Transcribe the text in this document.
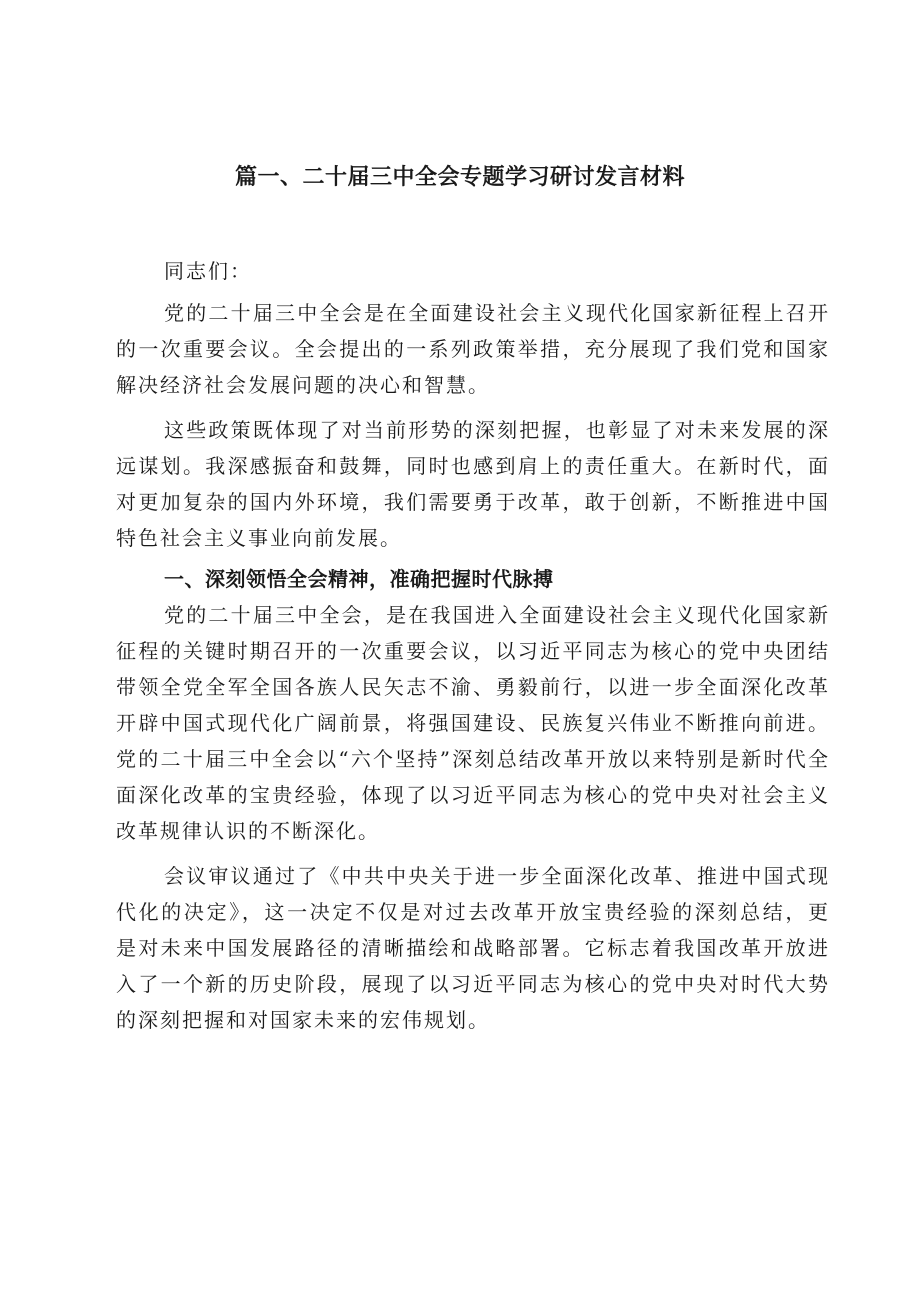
篇一、二十届三中全会专题学习研讨发言材料

同志们：

党的二十届三中全会是在全面建设社会主义现代化国家新征程上召开的一次重要会议。全会提出的一系列政策举措，充分展现了我们党和国家解决经济社会发展问题的决心和智慧。

这些政策既体现了对当前形势的深刻把握，也彰显了对未来发展的深远谋划。我深感振奋和鼓舞，同时也感到肩上的责任重大。在新时代，面对更加复杂的国内外环境，我们需要勇于改革，敢于创新，不断推进中国特色社会主义事业向前发展。

一、深刻领悟全会精神，准确把握时代脉搏

党的二十届三中全会，是在我国进入全面建设社会主义现代化国家新征程的关键时期召开的一次重要会议，以习近平同志为核心的党中央团结带领全党全军全国各族人民矢志不渝、勇毅前行，以进一步全面深化改革开辟中国式现代化广阔前景，将强国建设、民族复兴伟业不断推向前进。党的二十届三中全会以“六个坚持”深刻总结改革开放以来特别是新时代全面深化改革的宝贵经验，体现了以习近平同志为核心的党中央对社会主义改革规律认识的不断深化。

会议审议通过了《中共中央关于进一步全面深化改革、推进中国式现代化的决定》，这一决定不仅是对过去改革开放宝贵经验的深刻总结，更是对未来中国发展路径的清晰描绘和战略部署。它标志着我国改革开放进入了一个新的历史阶段，展现了以习近平同志为核心的党中央对时代大势的深刻把握和对国家未来的宏伟规划。
